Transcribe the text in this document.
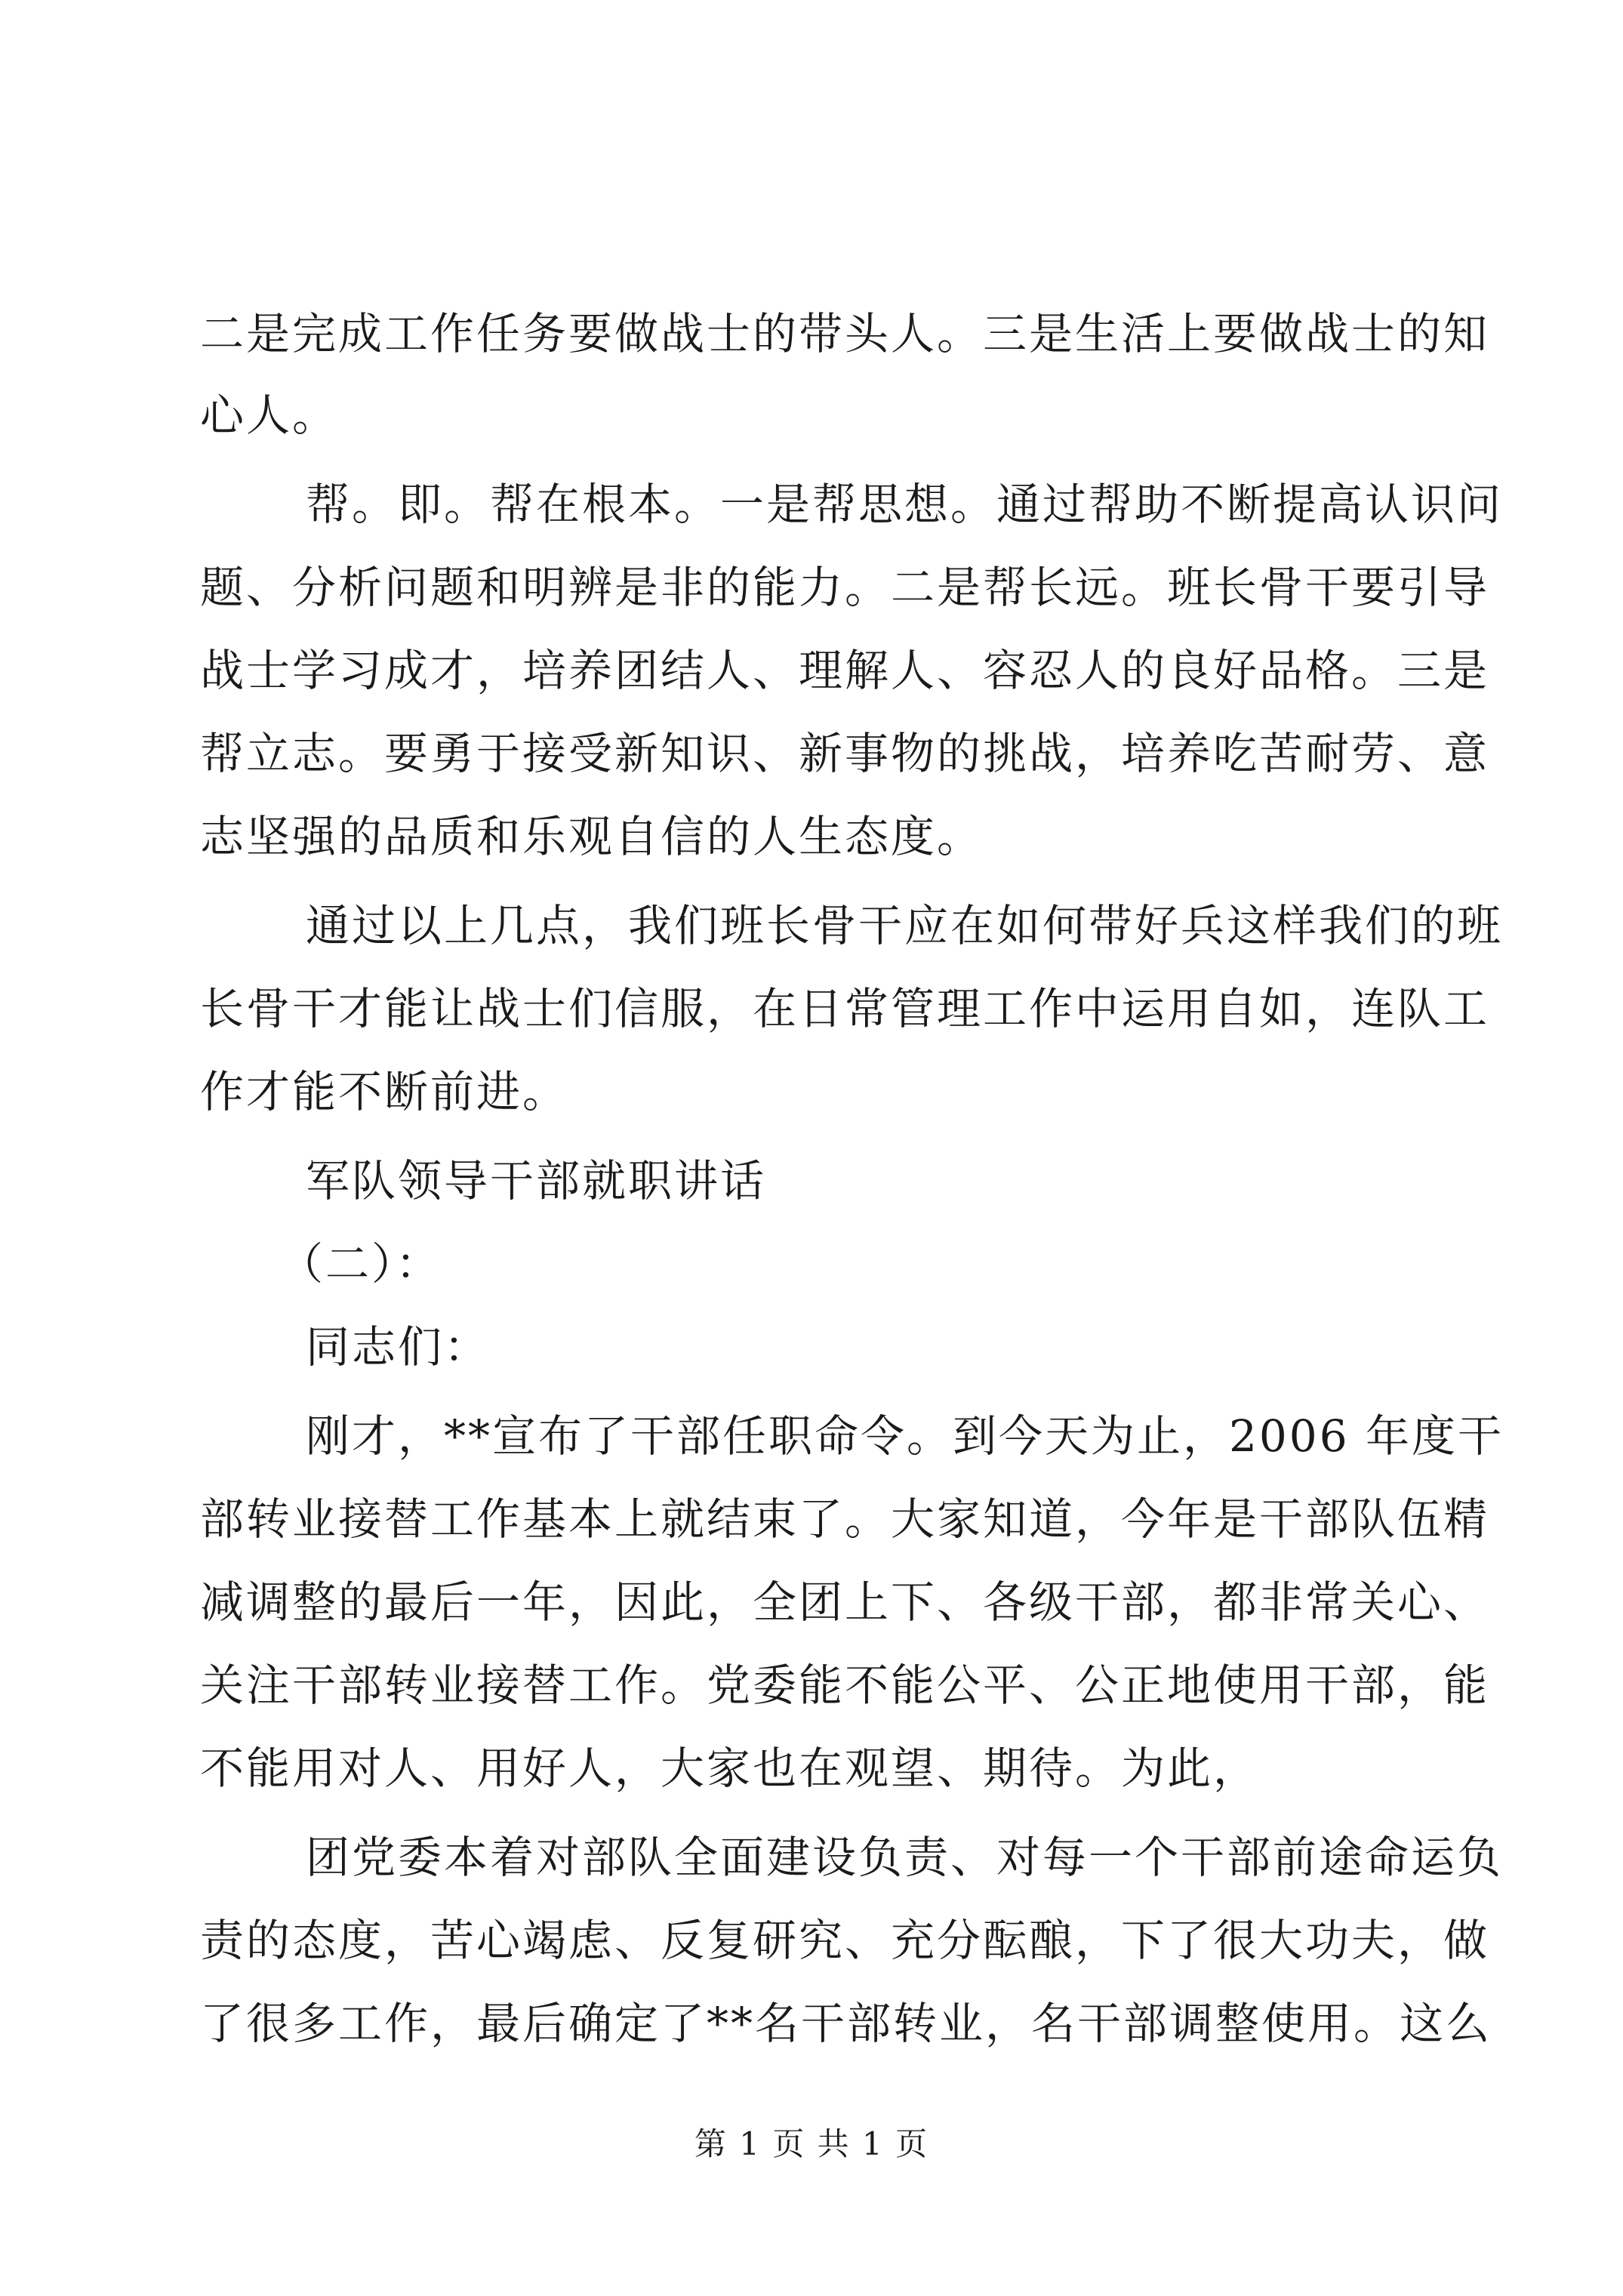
二是完成工作任务要做战士的带头人。三是生活上要做战士的知
心人。
帮。即。帮在根本。一是帮思想。通过帮助不断提高认识问
题、分析问题和明辨是非的能力。二是帮长远。班长骨干要引导
战士学习成才，培养团结人、理解人、容忍人的良好品格。三是
帮立志。要勇于接受新知识、新事物的挑战，培养吃苦耐劳、意
志坚强的品质和乐观自信的人生态度。
通过以上几点，我们班长骨干应在如何带好兵这样我们的班
长骨干才能让战士们信服，在日常管理工作中运用自如，连队工
作才能不断前进。
军队领导干部就职讲话
（二）：
同志们：
刚才，**宣布了干部任职命令。到今天为止，2006 年度干
部转业接替工作基本上就结束了。大家知道，今年是干部队伍精
减调整的最后一年，因此，全团上下、各级干部，都非常关心、
关注干部转业接替工作。党委能不能公平、公正地使用干部，能
不能用对人、用好人，大家也在观望、期待。为此，
团党委本着对部队全面建设负责、对每一个干部前途命运负
责的态度，苦心竭虑、反复研究、充分酝酿，下了很大功夫，做
了很多工作，最后确定了**名干部转业，名干部调整使用。这么
第 1 页 共 1 页
